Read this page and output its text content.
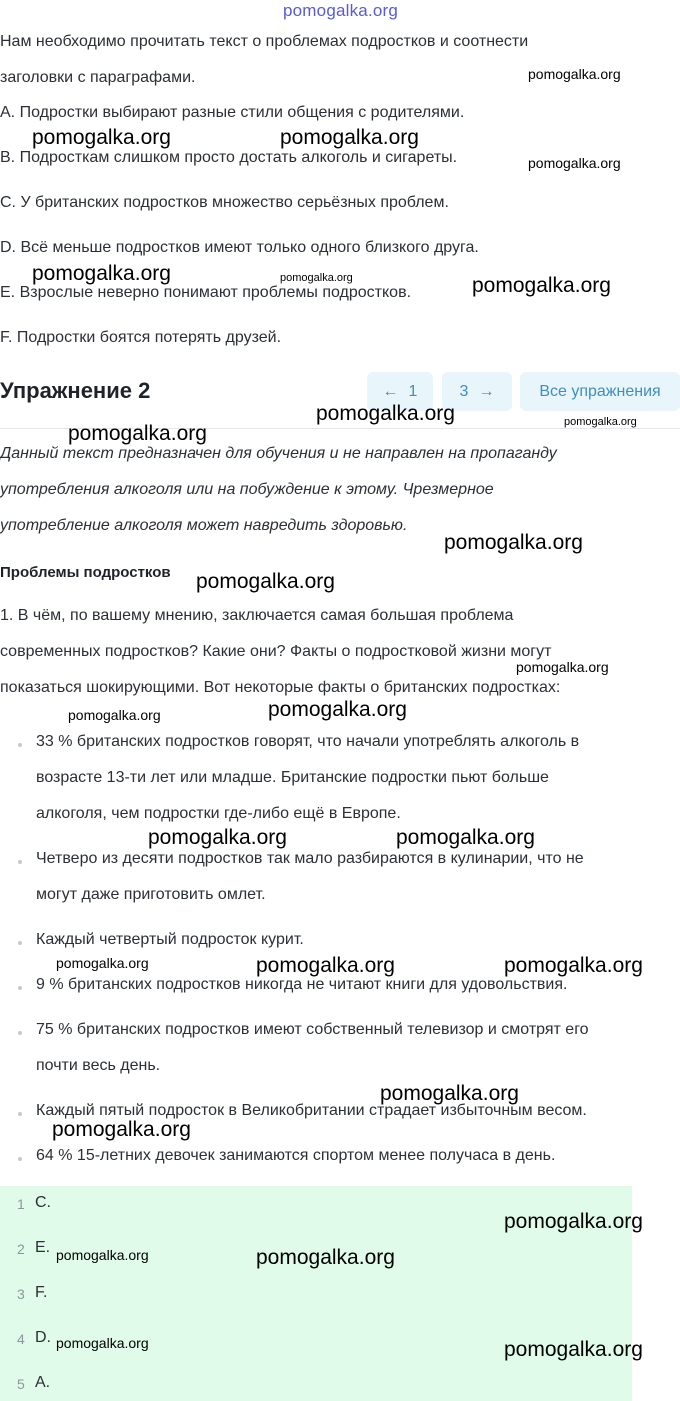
pomogalka.org
Нам необходимо прочитать текст о проблемах подростков и соотнести
заголовки с параграфами.
A. Подростки выбирают разные стили общения с родителями.
B. Подросткам слишком просто достать алкоголь и сигареты.
C. У британских подростков множество серьёзных проблем.
D. Всё меньше подростков имеют только одного близкого друга.
E. Взрослые неверно понимают проблемы подростков.
F. Подростки боятся потерять друзей.
Упражнение 2	← 1	3 →	Все упражнения
Данный текст предназначен для обучения и не направлен на пропаганду
употребления алкоголя или на побуждение к этому. Чрезмерное
употребление алкоголя может навредить здоровью.
Проблемы подростков
1. В чём, по вашему мнению, заключается самая большая проблема
современных подростков? Какие они? Факты о подростковой жизни могут
показаться шокирующими. Вот некоторые факты о британских подростках:
33 % британских подростков говорят, что начали употреблять алкоголь в
возрасте 13-ти лет или младше. Британские подростки пьют больше
алкоголя, чем подростки где-либо ещё в Европе.
Четверо из десяти подростков так мало разбираются в кулинарии, что не
могут даже приготовить омлет.
Каждый четвертый подросток курит.
9 % британских подростков никогда не читают книги для удовольствия.
75 % британских подростков имеют собственный телевизор и смотрят его
почти весь день.
Каждый пятый подросток в Великобритании страдает избыточным весом.
64 % 15-летних девочек занимаются спортом менее получаса в день.
1 C.
2 E.
3 F.
4 D.
5 A.
pomogalka.org
pomogalka.org	pomogalka.org
pomogalka.org
pomogalka.org	pomogalka.org	pomogalka.org
pomogalka.org	pomogalka.org
pomogalka.org
pomogalka.org
pomogalka.org
pomogalka.org
pomogalka.org
pomogalka.org
pomogalka.org	pomogalka.org
pomogalka.org	pomogalka.org	pomogalka.org
pomogalka.org
pomogalka.org
pomogalka.org
pomogalka.org	pomogalka.org
pomogalka.org	pomogalka.org
